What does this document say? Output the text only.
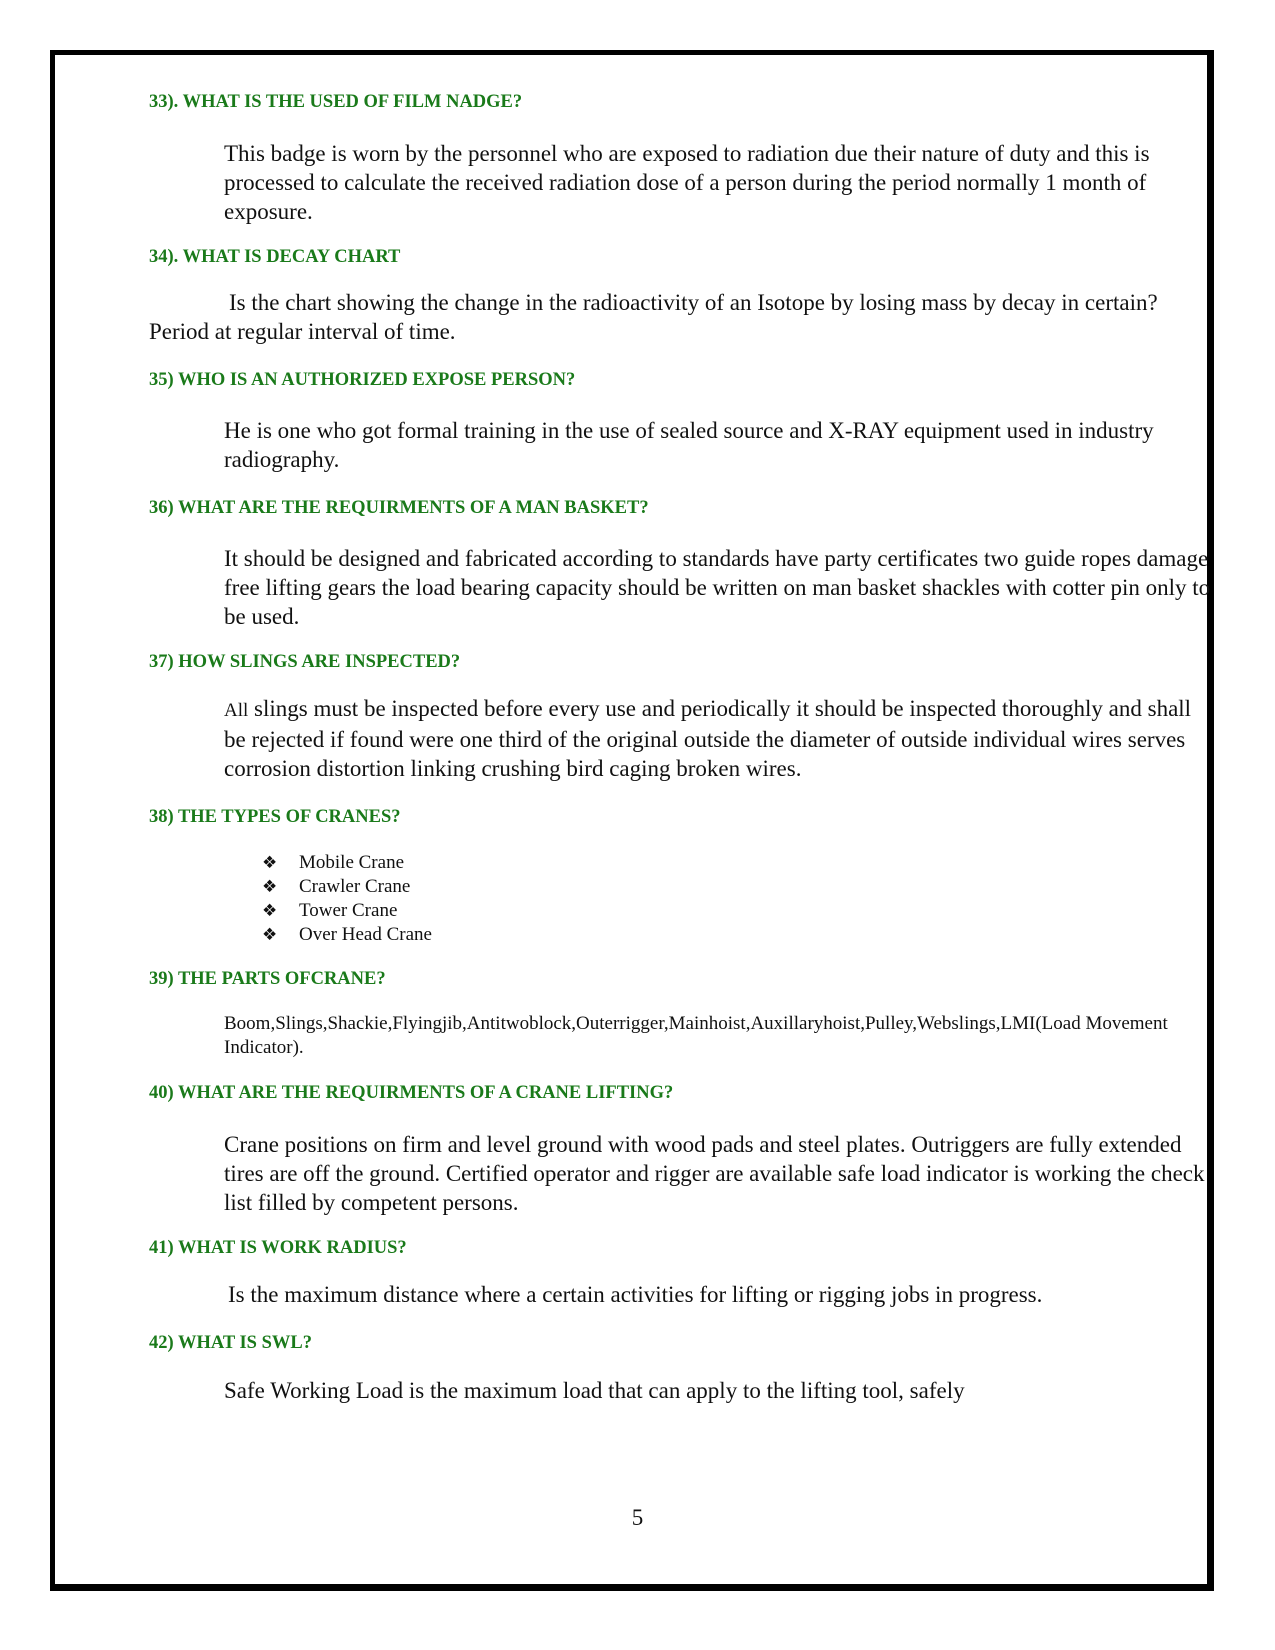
33). WHAT IS THE USED OF FILM NADGE?

This badge is worn by the personnel who are exposed to radiation due their nature of duty and this is processed to calculate the received radiation dose of a person during the period normally 1 month of exposure.

34). WHAT IS DECAY CHART

Is the chart showing the change in the radioactivity of an Isotope by losing mass by decay in certain? Period at regular interval of time.

35) WHO IS AN AUTHORIZED EXPOSE PERSON?

He is one who got formal training in the use of sealed source and X-RAY equipment used in industry radiography.

36) WHAT ARE THE REQUIRMENTS OF A MAN BASKET?

It should be designed and fabricated according to standards have party certificates two guide ropes damage free lifting gears the load bearing capacity should be written on man basket shackles with cotter pin only to be used.

37) HOW SLINGS ARE INSPECTED?

All slings must be inspected before every use and periodically it should be inspected thoroughly and shall be rejected if found were one third of the original outside the diameter of outside individual wires serves corrosion distortion linking crushing bird caging broken wires.

38) THE TYPES OF CRANES?
❖ Mobile Crane
❖ Crawler Crane
❖ Tower Crane
❖ Over Head Crane
39) THE PARTS OFCRANE?

Boom,Slings,Shackie,Flyingjib,Antitwoblock,Outerrigger,Mainhoist,Auxillaryhoist,Pulley,Webslings,LMI(Load Movement Indicator).

40) WHAT ARE THE REQUIRMENTS OF A CRANE LIFTING?

Crane positions on firm and level ground with wood pads and steel plates. Outriggers are fully extended tires are off the ground. Certified operator and rigger are available safe load indicator is working the check list filled by competent persons.

41) WHAT IS WORK RADIUS?

Is the maximum distance where a certain activities for lifting or rigging jobs in progress.

42) WHAT IS SWL?

Safe Working Load is the maximum load that can apply to the lifting tool, safely

5
